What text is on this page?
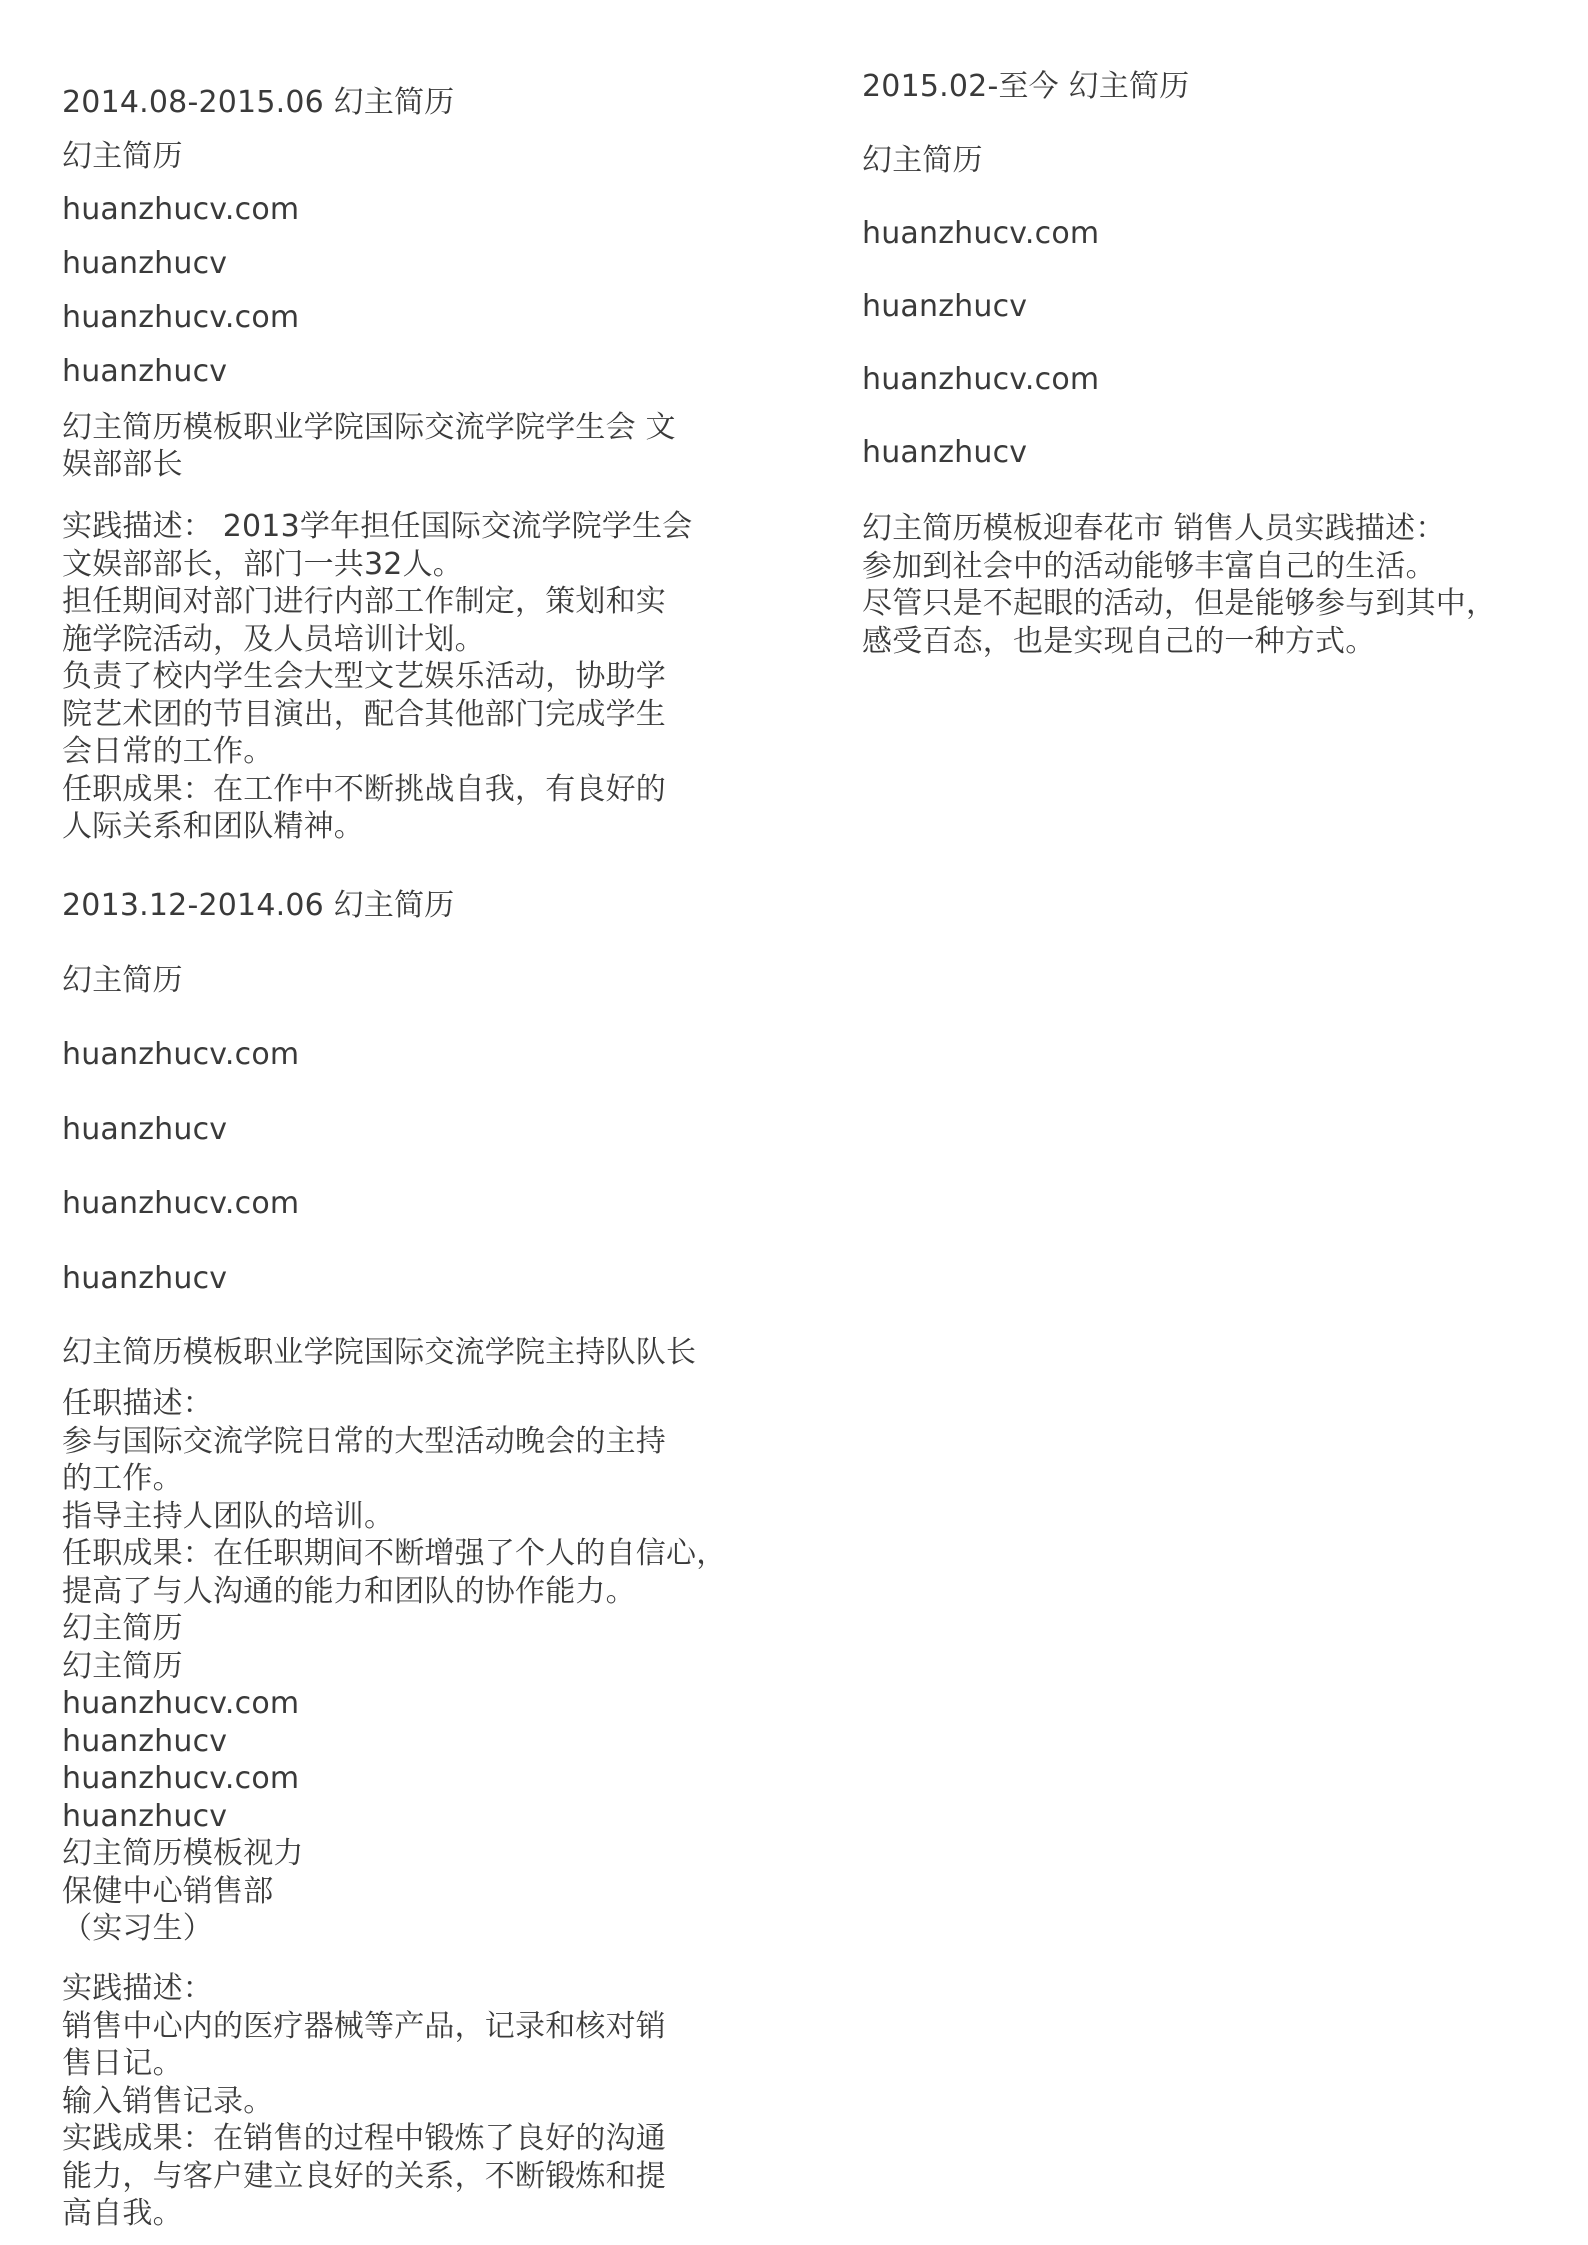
2014.08-2015.06 幻主简历

幻主简历

huanzhucv.com

huanzhucv

huanzhucv.com

huanzhucv

幻主简历模板职业学院国际交流学院学生会 文
娱部部长

实践描述： 2013学年担任国际交流学院学生会
文娱部部长，部门一共32人。
担任期间对部门进行内部工作制定，策划和实
施学院活动，及人员培训计划。
负责了校内学生会大型文艺娱乐活动，协助学
院艺术团的节目演出，配合其他部门完成学生
会日常的工作。
任职成果：在工作中不断挑战自我，有良好的
人际关系和团队精神。

2013.12-2014.06 幻主简历

幻主简历

huanzhucv.com

huanzhucv

huanzhucv.com

huanzhucv

幻主简历模板职业学院国际交流学院主持队队长

任职描述：
参与国际交流学院日常的大型活动晚会的主持
的工作。
指导主持人团队的培训。
任职成果：在任职期间不断增强了个人的自信心，
提高了与人沟通的能力和团队的协作能力。
幻主简历
幻主简历
huanzhucv.com
huanzhucv
huanzhucv.com
huanzhucv
幻主简历模板视力
保健中心销售部
（实习生）

实践描述：
销售中心内的医疗器械等产品，记录和核对销
售日记。
输入销售记录。
实践成果：在销售的过程中锻炼了良好的沟通
能力，与客户建立良好的关系，不断锻炼和提
高自我。

2015.02-至今 幻主简历

幻主简历

huanzhucv.com

huanzhucv

huanzhucv.com

huanzhucv

幻主简历模板迎春花市 销售人员实践描述：
参加到社会中的活动能够丰富自己的生活。
尽管只是不起眼的活动，但是能够参与到其中，
感受百态，也是实现自己的一种方式。
